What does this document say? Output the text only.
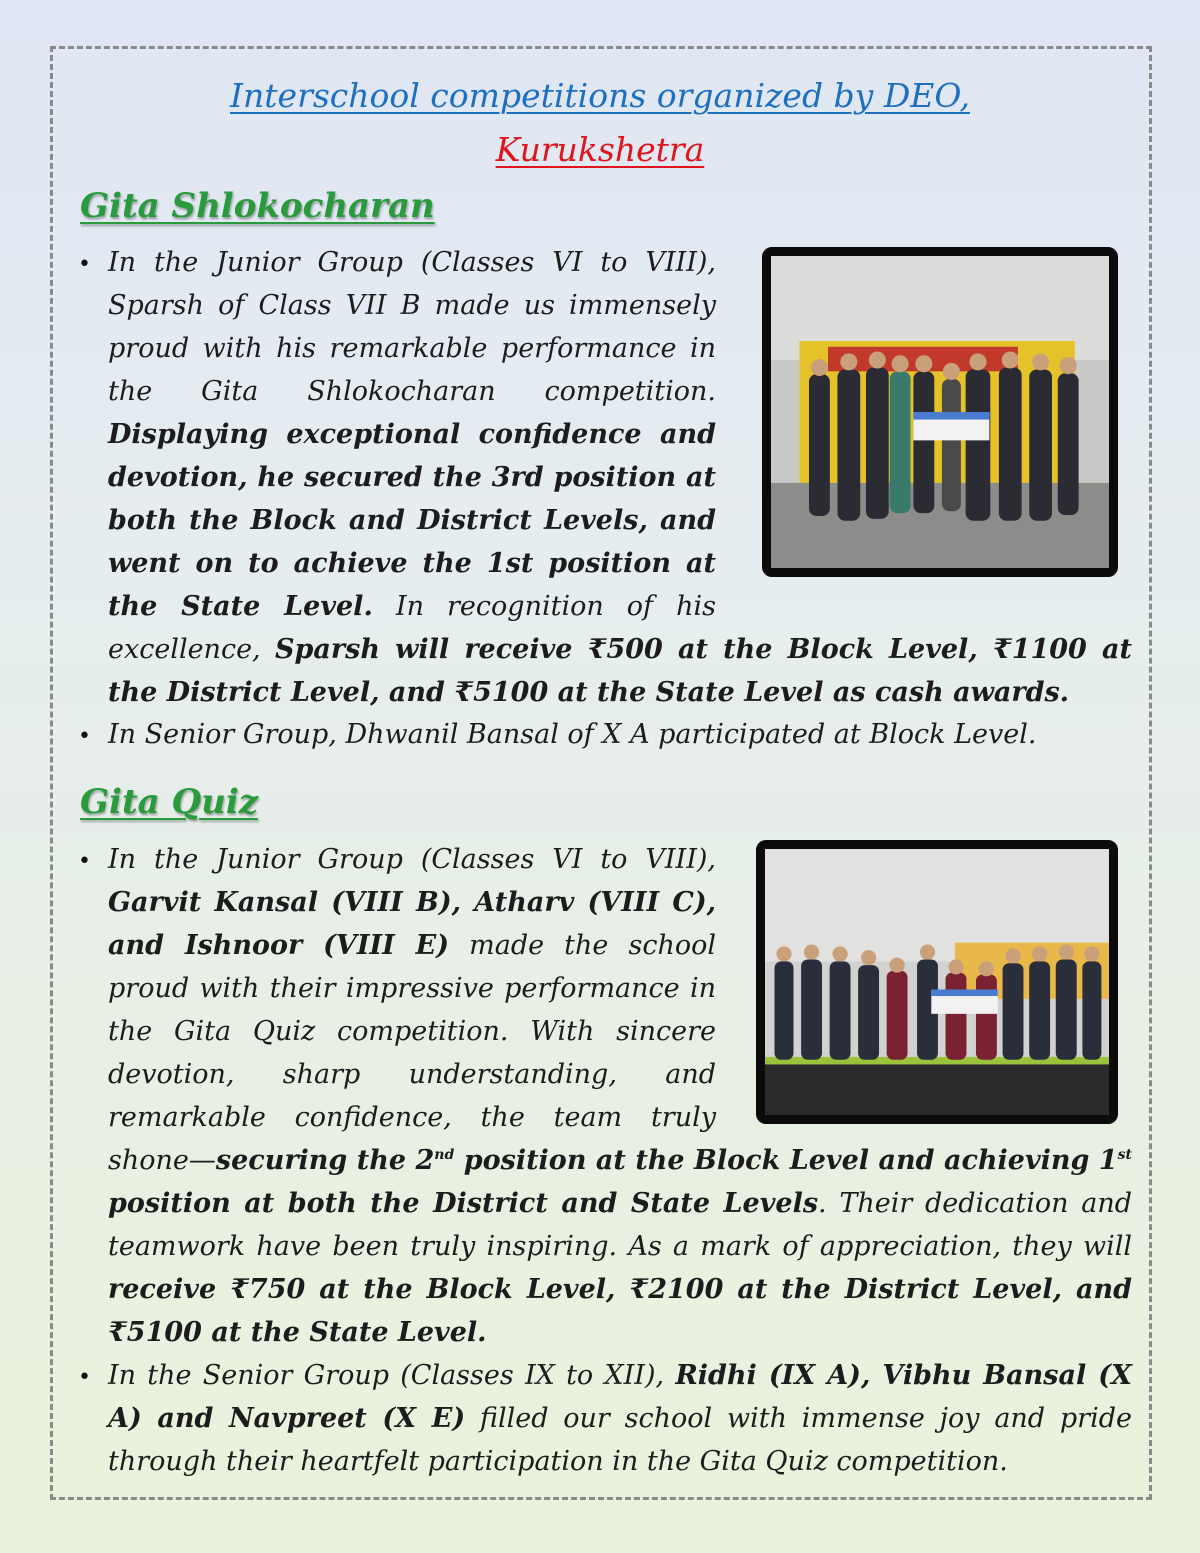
Interschool competitions organized by DEO,
Kurukshetra
Gita Shlokocharan
• In the Junior Group (Classes VI to VIII), Sparsh of Class VII B made us immensely proud with his remarkable performance in the Gita Shlokocharan competition. Displaying exceptional confidence and devotion, he secured the 3rd position at both the Block and District Levels, and went on to achieve the 1st position at the State Level. In recognition of his excellence, Sparsh will receive ₹500 at the Block Level, ₹1100 at the District Level, and ₹5100 at the State Level as cash awards.
• In Senior Group, Dhwanil Bansal of X A participated at Block Level.
Gita Quiz
• In the Junior Group (Classes VI to VIII), Garvit Kansal (VIII B), Atharv (VIII C), and Ishnoor (VIII E) made the school proud with their impressive performance in the Gita Quiz competition. With sincere devotion, sharp understanding, and remarkable confidence, the team truly shone—securing the 2nd position at the Block Level and achieving 1st position at both the District and State Levels. Their dedication and teamwork have been truly inspiring. As a mark of appreciation, they will receive ₹750 at the Block Level, ₹2100 at the District Level, and ₹5100 at the State Level.
• In the Senior Group (Classes IX to XII), Ridhi (IX A), Vibhu Bansal (X A) and Navpreet (X E) filled our school with immense joy and pride through their heartfelt participation in the Gita Quiz competition.
